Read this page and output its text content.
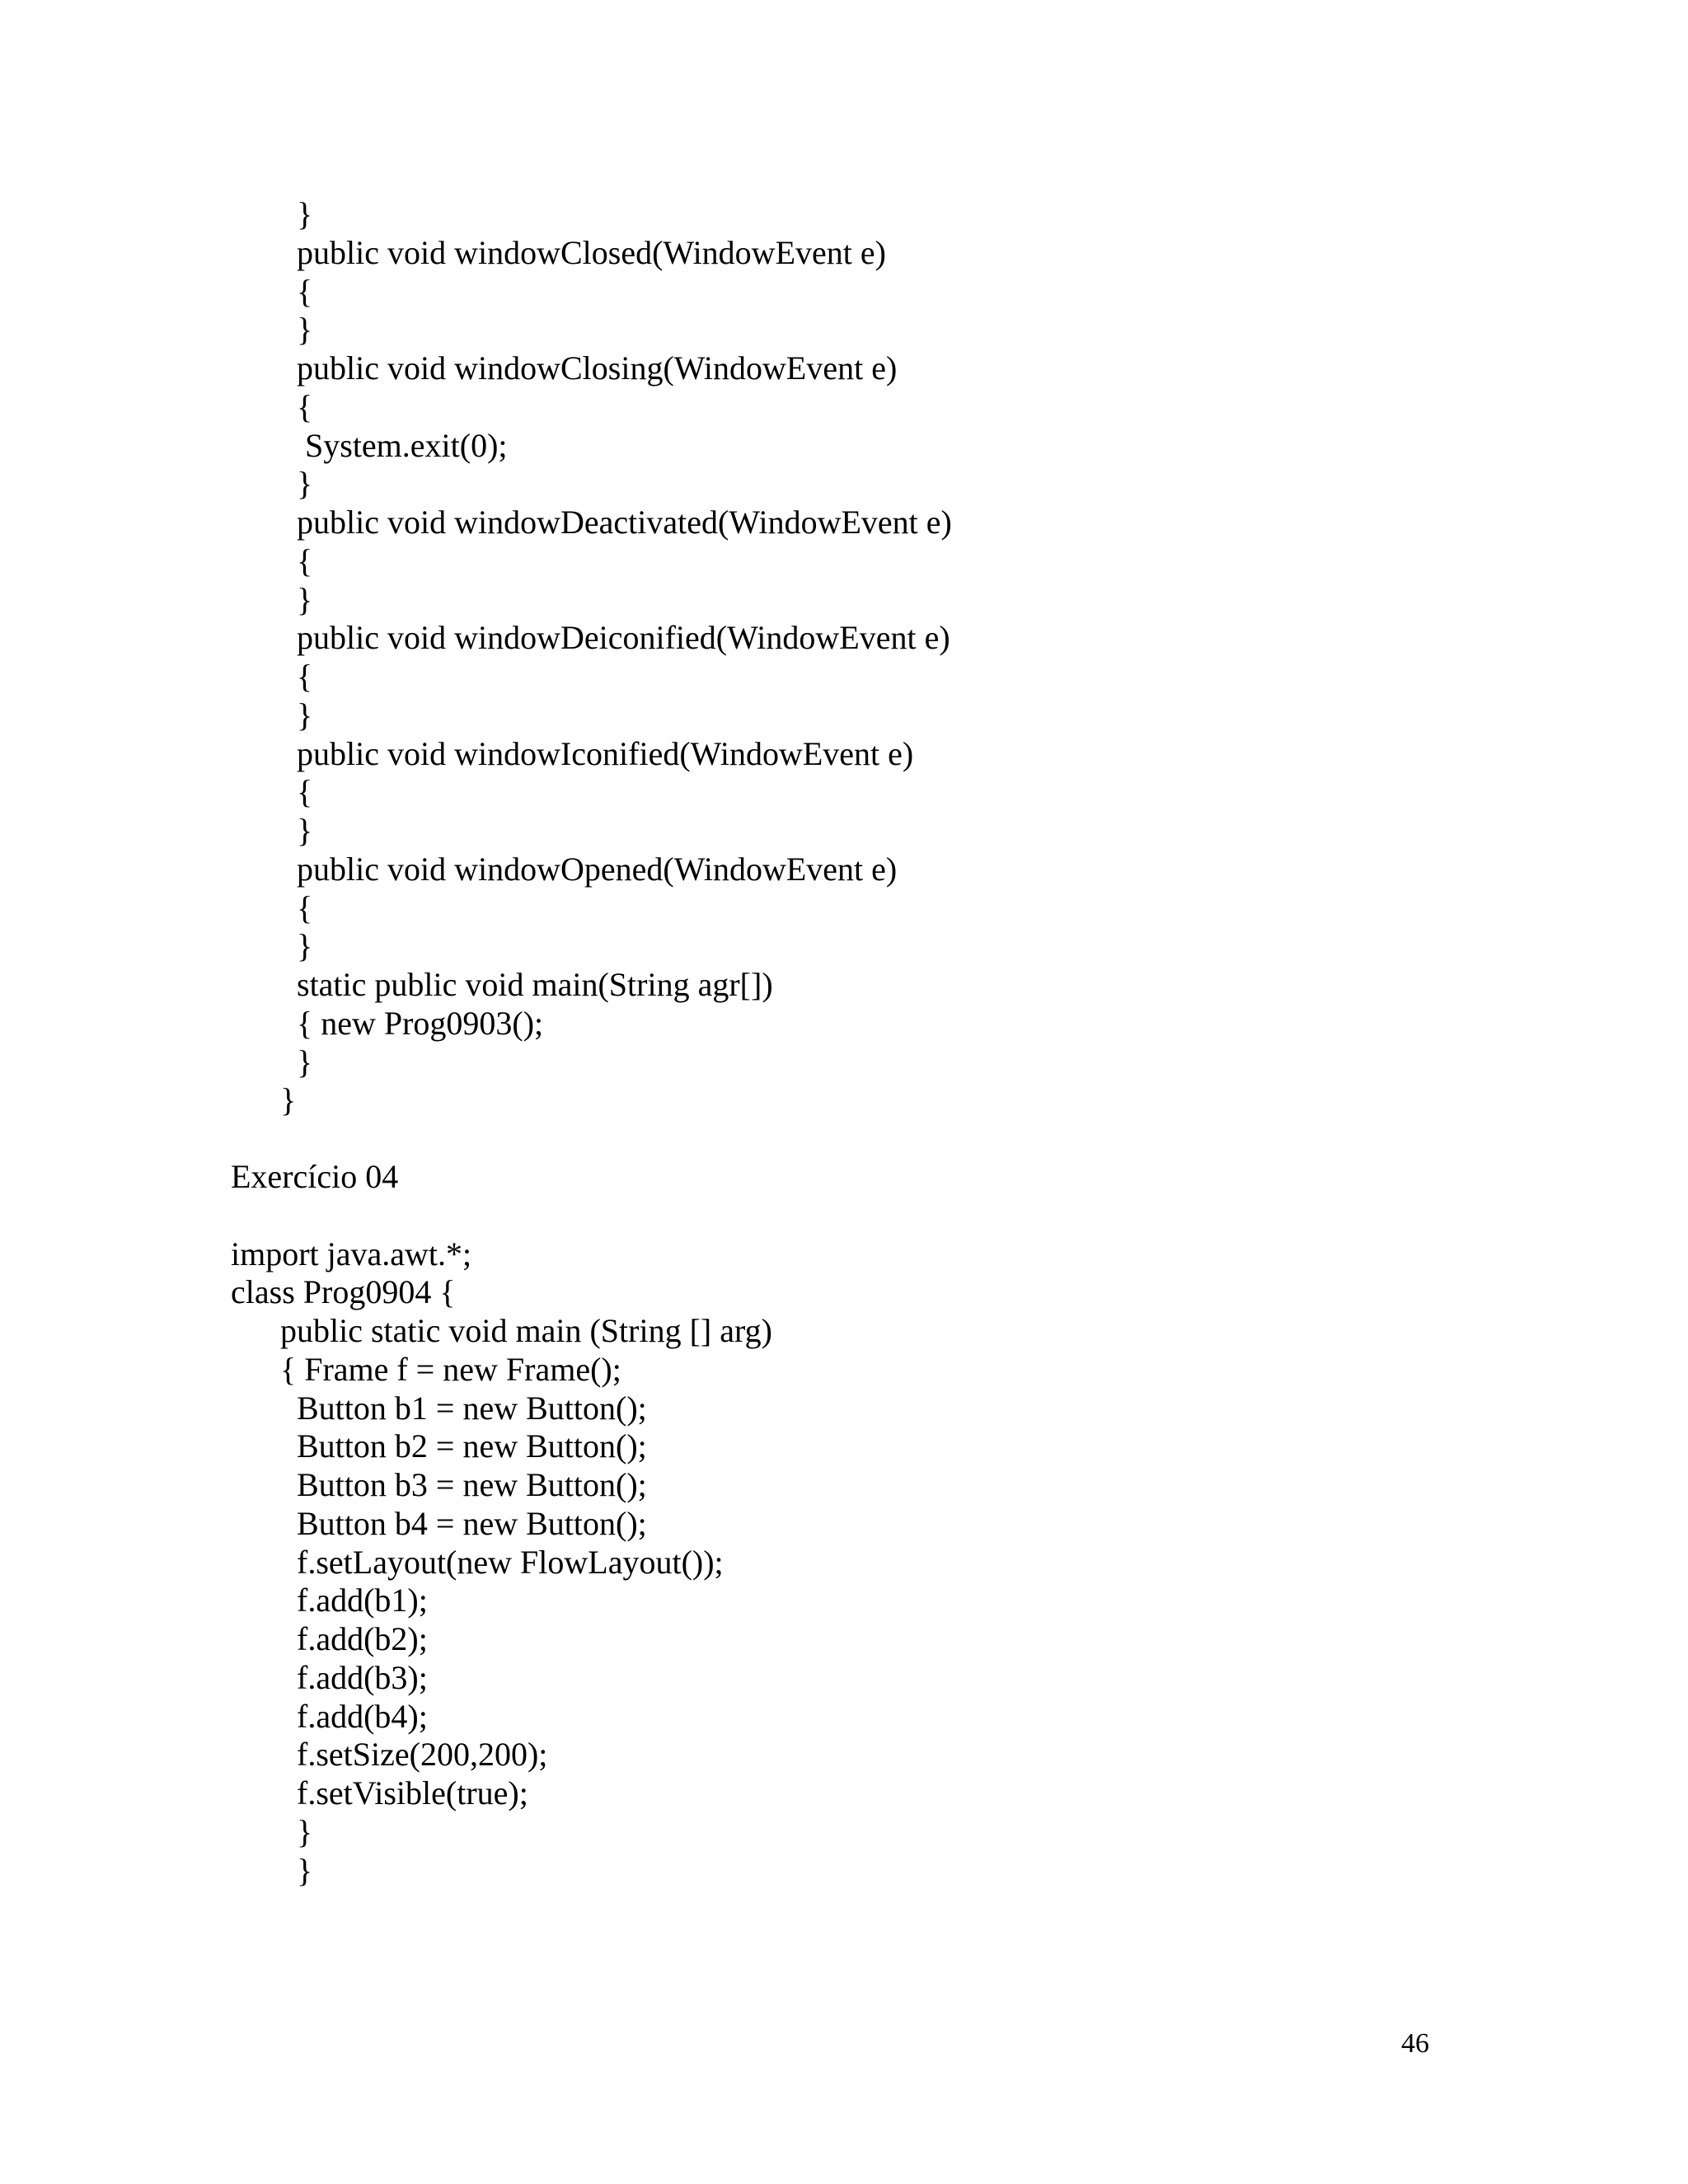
}
public void windowClosed(WindowEvent e)
{
}
public void windowClosing(WindowEvent e)
{
System.exit(0);
}
public void windowDeactivated(WindowEvent e)
{
}
public void windowDeiconified(WindowEvent e)
{
}
public void windowIconified(WindowEvent e)
{
}
public void windowOpened(WindowEvent e)
{
}
static public void main(String agr[])
{ new Prog0903();
}
}
Exercício 04
import java.awt.*;
class Prog0904 {
public static void main (String [] arg)
{ Frame f = new Frame();
Button b1 = new Button();
Button b2 = new Button();
Button b3 = new Button();
Button b4 = new Button();
f.setLayout(new FlowLayout());
f.add(b1);
f.add(b2);
f.add(b3);
f.add(b4);
f.setSize(200,200);
f.setVisible(true);
}
}
46
